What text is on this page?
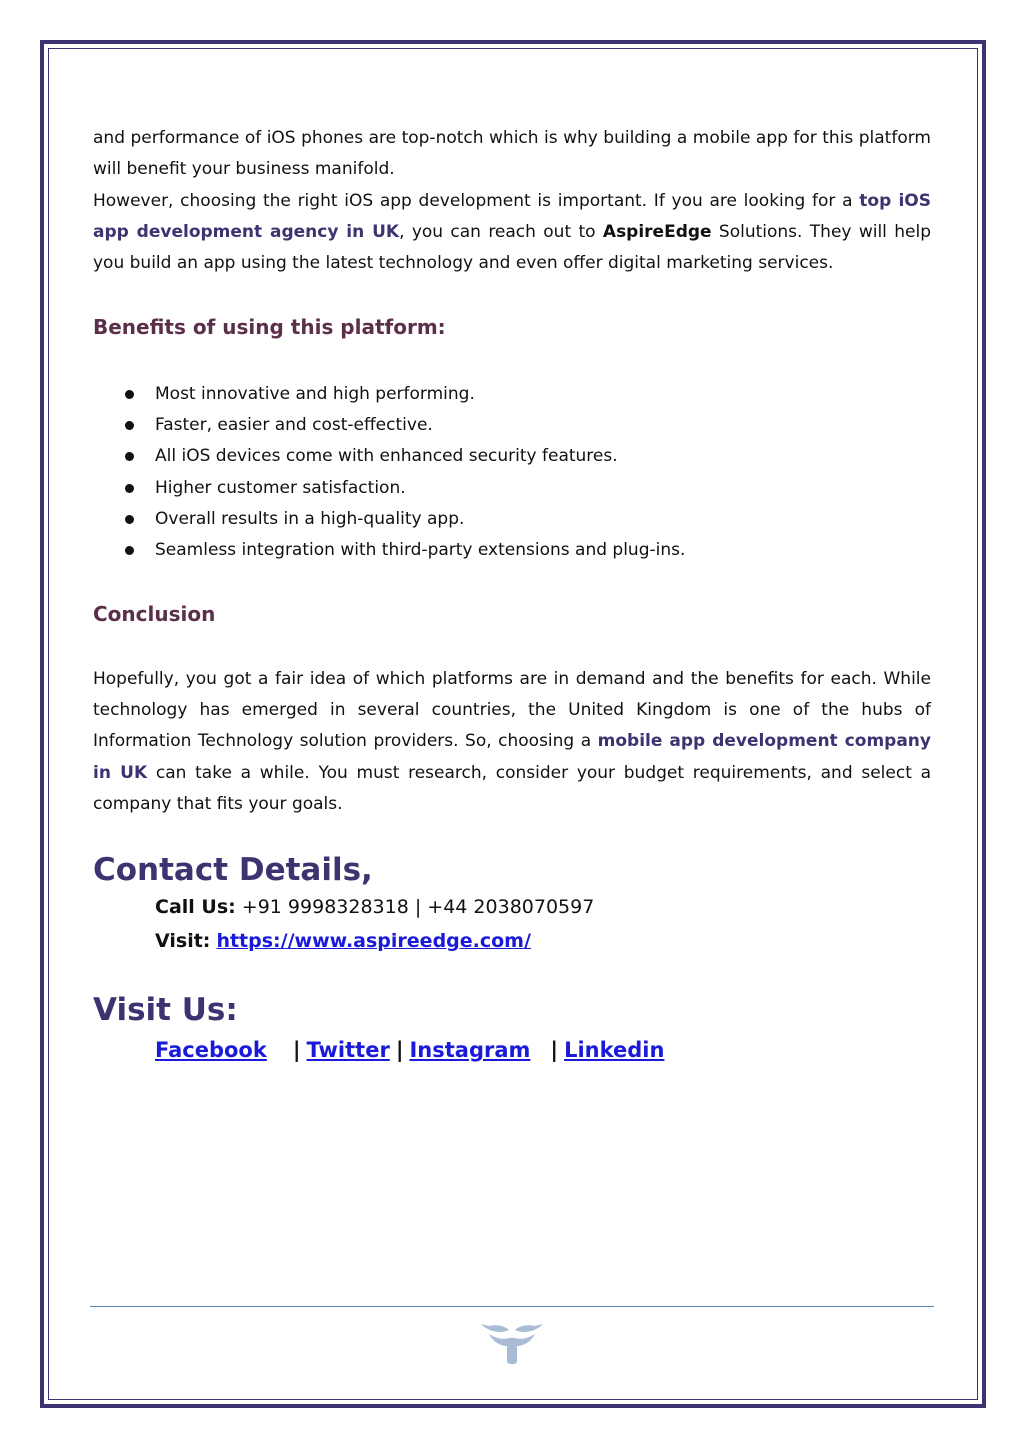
and performance of iOS phones are top-notch which is why building a mobile app for this platform will benefit your business manifold.

However, choosing the right iOS app development is important. If you are looking for a top iOS app development agency in UK, you can reach out to AspireEdge Solutions. They will help you build an app using the latest technology and even offer digital marketing services.

Benefits of using this platform:
Most innovative and high performing.
Faster, easier and cost-effective.
All iOS devices come with enhanced security features.
Higher customer satisfaction.
Overall results in a high-quality app.
Seamless integration with third-party extensions and plug-ins.
Conclusion

Hopefully, you got a fair idea of which platforms are in demand and the benefits for each. While technology has emerged in several countries, the United Kingdom is one of the hubs of Information Technology solution providers. So, choosing a mobile app development company in UK can take a while. You must research, consider your budget requirements, and select a company that fits your goals.

Contact Details,
Call Us: +91 9998328318 | +44 2038070597
Visit: https://www.aspireedge.com/
Visit Us:
Facebook | Twitter | Instagram | Linkedin
